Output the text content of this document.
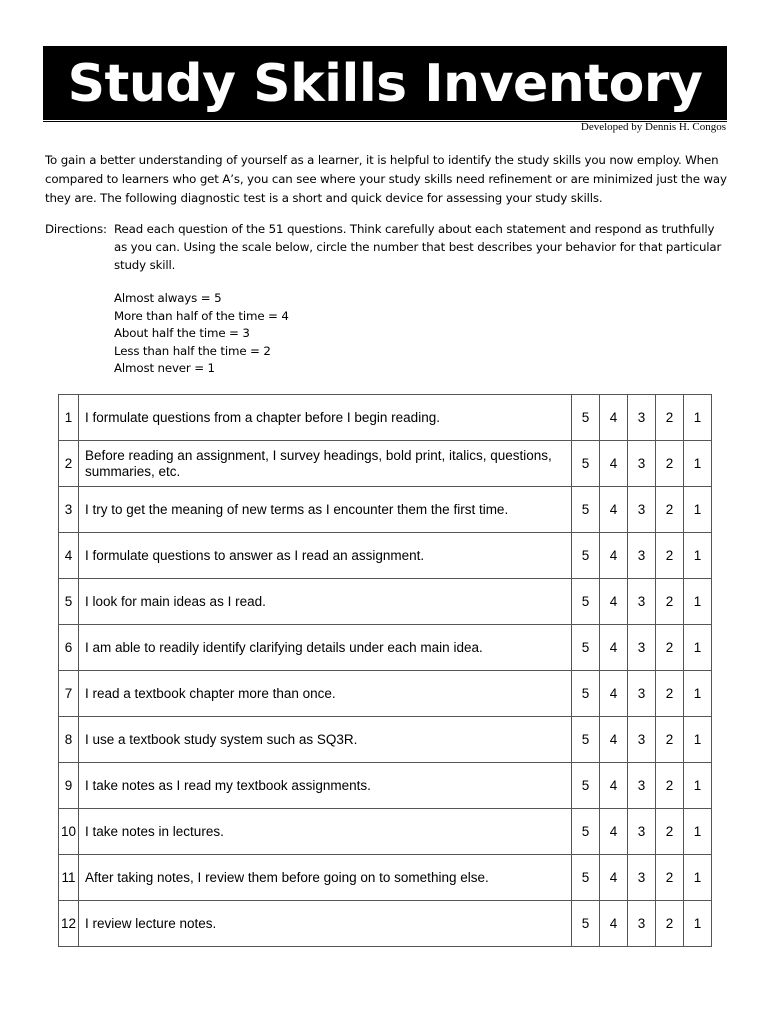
Study Skills Inventory
Developed by Dennis H. Congos

To gain a better understanding of yourself as a learner, it is helpful to identify the study skills you now employ. When compared to learners who get A’s, you can see where your study skills need refinement or are minimized just the way they are. The following diagnostic test is a short and quick device for assessing your study skills.

Directions: Read each question of the 51 questions. Think carefully about each statement and respond as truthfully as you can. Using the scale below, circle the number that best describes your behavior for that particular study skill.
Almost always = 5
More than half of the time = 4
About half the time = 3
Less than half the time = 2
Almost never = 1
1	I formulate questions from a chapter before I begin reading.	5	4	3	2	1
2	Before reading an assignment, I survey headings, bold print, italics, questions, summaries, etc.	5	4	3	2	1
3	I try to get the meaning of new terms as I encounter them the first time.	5	4	3	2	1
4	I formulate questions to answer as I read an assignment.	5	4	3	2	1
5	I look for main ideas as I read.	5	4	3	2	1
6	I am able to readily identify clarifying details under each main idea.	5	4	3	2	1
7	I read a textbook chapter more than once.	5	4	3	2	1
8	I use a textbook study system such as SQ3R.	5	4	3	2	1
9	I take notes as I read my textbook assignments.	5	4	3	2	1
10	I take notes in lectures.	5	4	3	2	1
11	After taking notes, I review them before going on to something else.	5	4	3	2	1
12	I review lecture notes.	5	4	3	2	1
